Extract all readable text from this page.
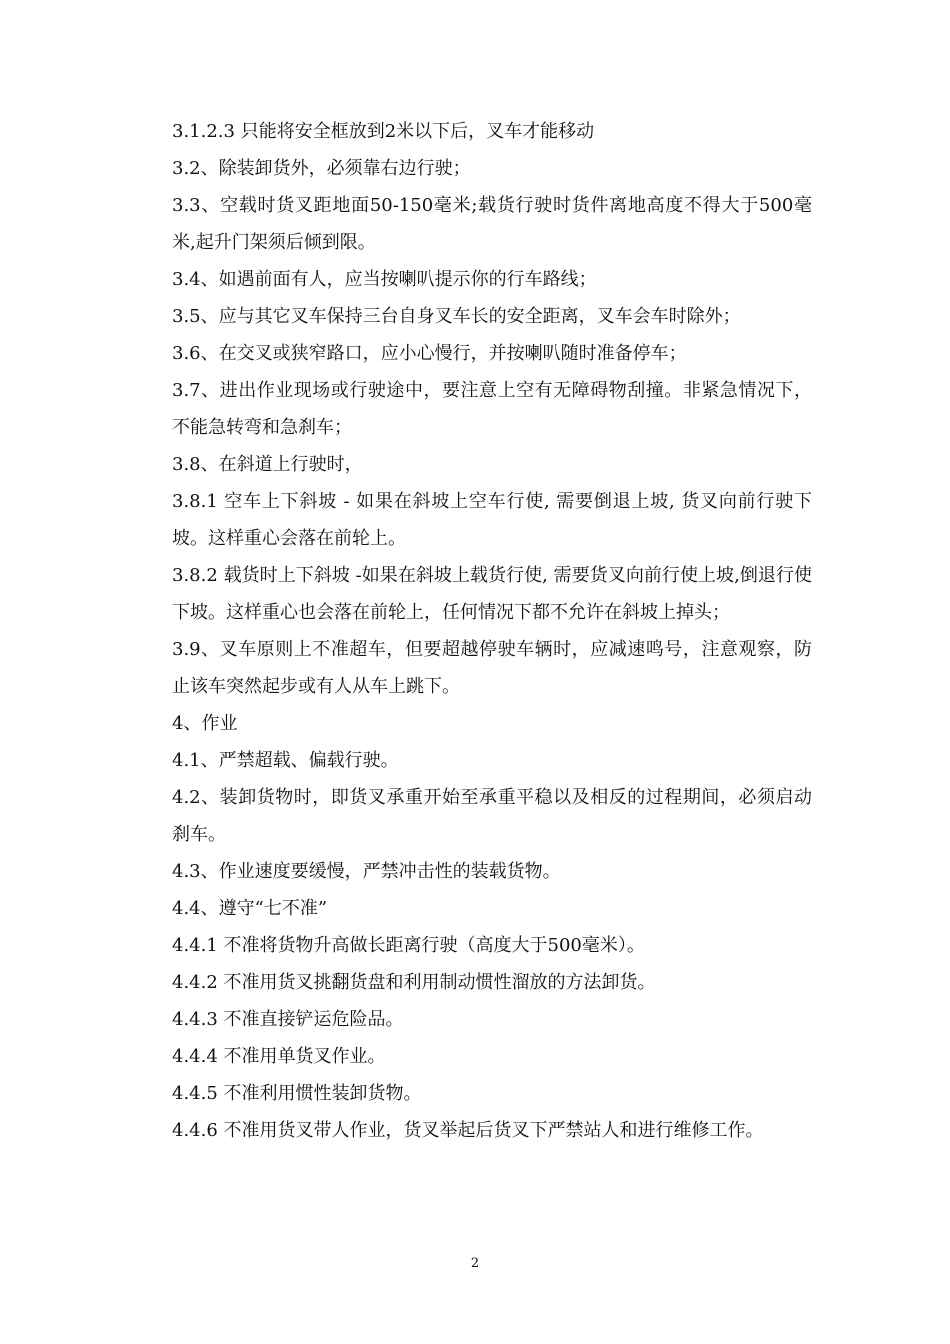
3.1.2.3 只能将安全框放到2米以下后，叉车才能移动

3.2、除装卸货外，必须靠右边行驶；

3.3、空载时货叉距地面50-150毫米;载货行驶时货件离地高度不得大于500毫米,起升门架须后倾到限。

3.4、如遇前面有人，应当按喇叭提示你的行车路线；

3.5、应与其它叉车保持三台自身叉车长的安全距离，叉车会车时除外；

3.6、在交叉或狭窄路口，应小心慢行，并按喇叭随时准备停车；

3.7、进出作业现场或行驶途中，要注意上空有无障碍物刮撞。非紧急情况下，不能急转弯和急刹车；

3.8、在斜道上行驶时，

3.8.1 空车上下斜坡 - 如果在斜坡上空车行使, 需要倒退上坡, 货叉向前行驶下坡。这样重心会落在前轮上。

3.8.2 载货时上下斜坡 -如果在斜坡上载货行使, 需要货叉向前行使上坡,倒退行使下坡。这样重心也会落在前轮上，任何情况下都不允许在斜坡上掉头；

3.9、叉车原则上不准超车，但要超越停驶车辆时，应减速鸣号，注意观察，防止该车突然起步或有人从车上跳下。

4、作业

4.1、严禁超载、偏载行驶。

4.2、装卸货物时，即货叉承重开始至承重平稳以及相反的过程期间，必须启动刹车。

4.3、作业速度要缓慢，严禁冲击性的装载货物。

4.4、遵守“七不准”

4.4.1 不准将货物升高做长距离行驶（高度大于500毫米）。

4.4.2 不准用货叉挑翻货盘和利用制动惯性溜放的方法卸货。

4.4.3 不准直接铲运危险品。

4.4.4 不准用单货叉作业。

4.4.5 不准利用惯性装卸货物。

4.4.6 不准用货叉带人作业，货叉举起后货叉下严禁站人和进行维修工作。

2
